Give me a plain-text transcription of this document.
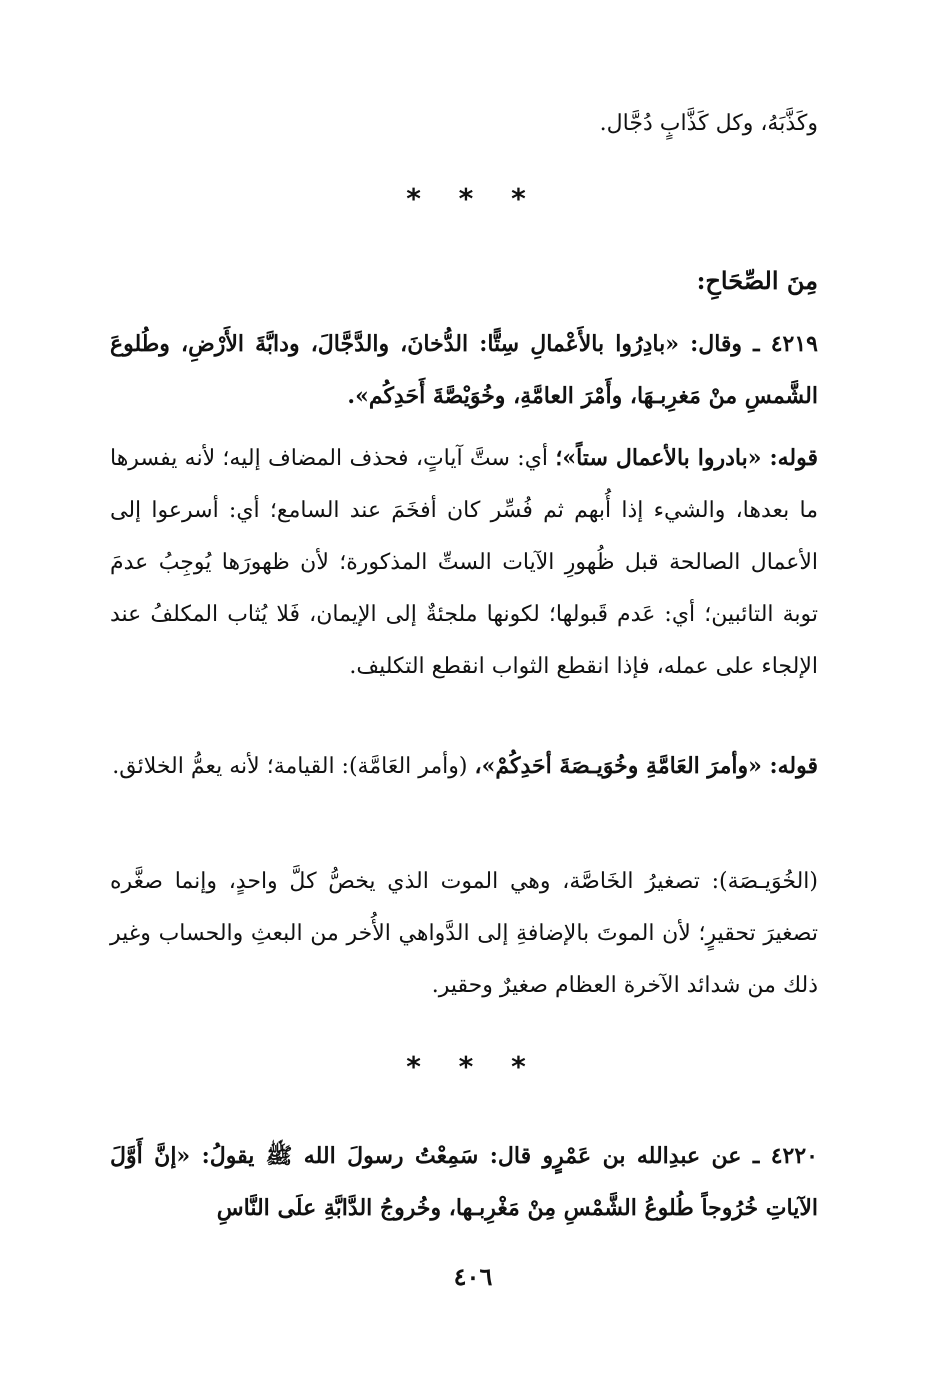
وكَذَّبَهُ، وكل كَذَّابٍ دُجَّال.

* * *

مِنَ الصِّحَاحِ:

٤٢١٩ ـ وقال: «بادِرُوا بالأَعْمالِ سِتًّا: الدُّخانَ، والدَّجَّالَ، ودابَّةَ الأَرْضِ، وطُلوعَ الشَّمسِ منْ مَغرِبـهَا، وأَمْرَ العامَّةِ، وخُوَيْصَّةَ أَحَدِكُم».

قوله: «بادروا بالأعمال ستاً»؛ أي: ستَّ آياتٍ، فحذف المضاف إليه؛ لأنه يفسرها ما بعدها، والشيء إذا أُبهم ثم فُسِّر كان أفخَمَ عند السامع؛ أي: أسرعوا إلى الأعمال الصالحة قبل ظُهورِ الآيات الستِّ المذكورة؛ لأن ظهورَها يُوجِبُ عدمَ توبة التائبين؛ أي: عَدم قَبولها؛ لكونها ملجئةٌ إلى الإيمان، فَلا يُثاب المكلفُ عند الإلجاء على عمله، فإذا انقطع الثواب انقطع التكليف.

قوله: «وأمرَ العَامَّةِ وخُوَيـصَةَ أحَدِكُمْ»، (وأمر العَامَّة): القيامة؛ لأنه يعمُّ الخلائق.

(الخُوَيـصَة): تصغيرُ الخَاصَّة، وهي الموت الذي يخصُّ كلَّ واحدٍ، وإنما صغَّره تصغيرَ تحقيرٍ؛ لأن الموتَ بالإضافةِ إلى الدَّواهي الأُخر من البعثِ والحساب وغير ذلك من شدائد الآخرة العظام صغيرٌ وحقير.

* * *

٤٢٢٠ ـ عن عبدِالله بن عَمْرٍو قال: سَمِعْتُ رسولَ الله ﷺ يقولُ: «إنَّ أَوَّلَ الآياتِ خُرُوجاً طُلوعُ الشَّمْسِ مِنْ مَغْرِبـها، وخُروجُ الدَّابَّةِ علَى النَّاسِ

٤٠٦
